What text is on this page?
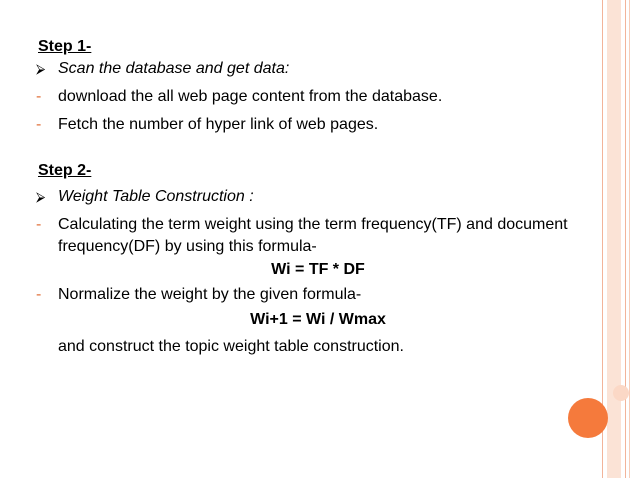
Step 1-
⮚ Scan the database and get data:
-	download the all web page content from the database.
-	Fetch the number of hyper link of web pages.
Step 2-
⮚ Weight Table Construction :
-	Calculating the term weight using the term frequency(TF) and document frequency(DF) by using this formula-
Wi = TF * DF
-	Normalize the weight by the given formula-
Wi+1 = Wi / Wmax
and construct the topic weight table construction.
